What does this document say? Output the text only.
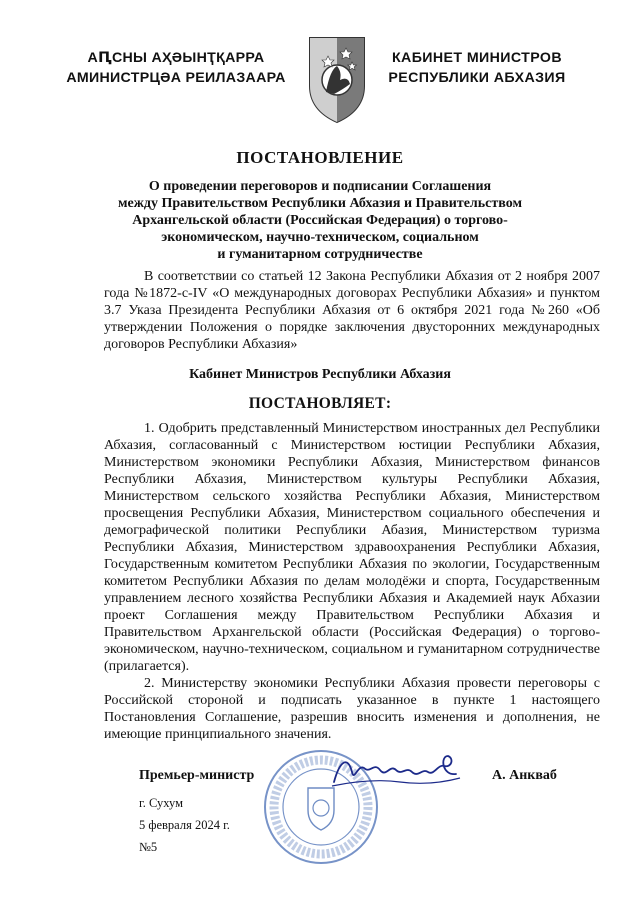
АԤСНЫ АҲӘЫНҬҚАРРА
АМИНИСТРЦӘА РЕИЛАЗААРА
КАБИНЕТ МИНИСТРОВ
РЕСПУБЛИКИ АБХАЗИЯ
ПОСТАНОВЛЕНИЕ
О проведении переговоров и подписании Соглашения
между Правительством Республики Абхазия и Правительством
Архангельской области (Российская Федерация) о торгово-
экономическом, научно-техническом, социальном
и гуманитарном сотрудничестве

В соответствии со статьей 12 Закона Республики Абхазия от 2 ноября 2007 года №1872-с-IV «О международных договорах Республики Абхазия» и пунктом 3.7 Указа Президента Республики Абхазия от 6 октября 2021 года №260 «Об утверждении Положения о порядке заключения двусторонних международных договоров Республики Абхазия»

Кабинет Министров Республики Абхазия
ПОСТАНОВЛЯЕТ:

1. Одобрить представленный Министерством иностранных дел Республики Абхазия, согласованный с Министерством юстиции Республики Абхазия, Министерством экономики Республики Абхазия, Министерством финансов Республики Абхазия, Министерством культуры Республики Абхазия, Министерством сельского хозяйства Республики Абхазия, Министерством просвещения Республики Абхазия, Министерством социального обеспечения и демографической политики Республики Абазия, Министерством туризма Республики Абхазия, Министерством здравоохранения Республики Абхазия, Государственным комитетом Республики Абхазия по экологии, Государственным комитетом Республики Абхазия по делам молодёжи и спорта, Государственным управлением лесного хозяйства Республики Абхазия и Академией наук Абхазии проект Соглашения между Правительством Республики Абхазия и Правительством Архангельской области (Российская Федерация) о торгово-экономическом, научно-техническом, социальном и гуманитарном сотрудничестве (прилагается).

2. Министерству экономики Республики Абхазия провести переговоры с Российской стороной и подписать указанное в пункте 1 настоящего Постановления Соглашение, разрешив вносить изменения и дополнения, не имеющие принципиального значения.

Премьер-министр	А. Анкваб
г. Сухум
5 февраля 2024 г.
№5
